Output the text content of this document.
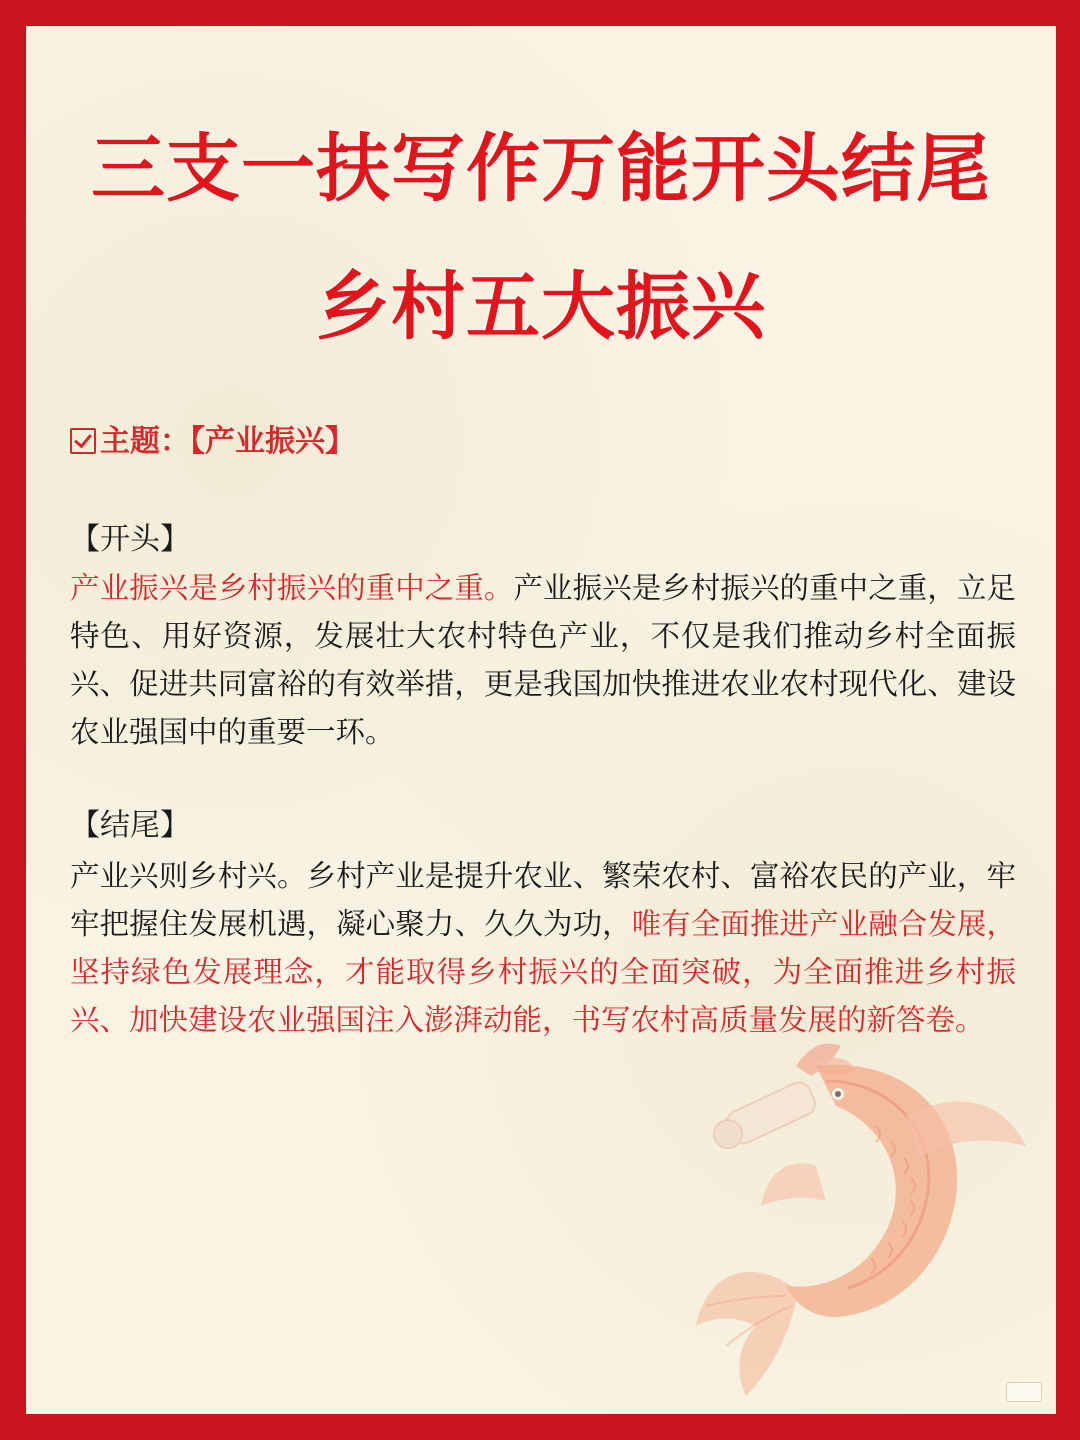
三支一扶写作万能开头结尾
乡村五大振兴
主题：【产业振兴】
【开头】

产业振兴是乡村振兴的重中之重。产业振兴是乡村振兴的重中之重，立足特色、用好资源，发展壮大农村特色产业，不仅是我们推动乡村全面振兴、促进共同富裕的有效举措，更是我国加快推进农业农村现代化、建设农业强国中的重要一环。

【结尾】

产业兴则乡村兴。乡村产业是提升农业、繁荣农村、富裕农民的产业，牢牢把握住发展机遇，凝心聚力、久久为功，唯有全面推进产业融合发展，坚持绿色发展理念，才能取得乡村振兴的全面突破，为全面推进乡村振兴、加快建设农业强国注入澎湃动能，书写农村高质量发展的新答卷。
